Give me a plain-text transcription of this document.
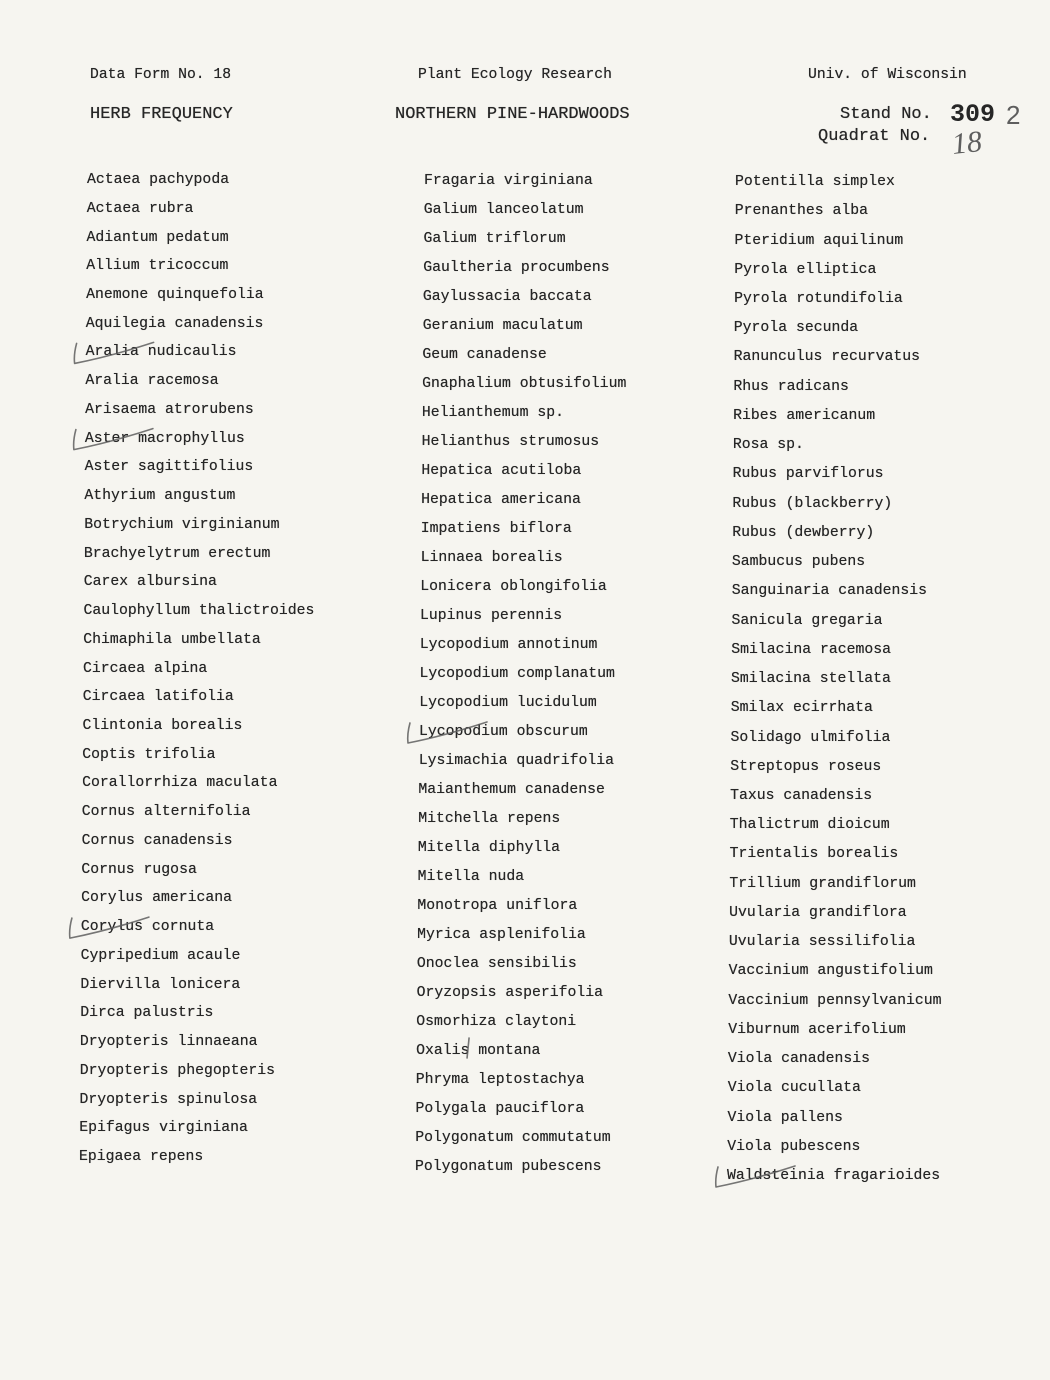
Data Form No. 18	Plant Ecology Research	Univ. of Wisconsin
HERB FREQUENCY	NORTHERN PINE-HARDWOODS	Stand No. 309 2
Quadrat No. 18
Actaea pachypoda
Actaea rubra
Adiantum pedatum
Allium tricoccum
Anemone quinquefolia
Aquilegia canadensis
Aralia nudicaulis
Aralia racemosa
Arisaema atrorubens
Aster macrophyllus
Aster sagittifolius
Athyrium angustum
Botrychium virginianum
Brachyelytrum erectum
Carex albursina
Caulophyllum thalictroides
Chimaphila umbellata
Circaea alpina
Circaea latifolia
Clintonia borealis
Coptis trifolia
Corallorrhiza maculata
Cornus alternifolia
Cornus canadensis
Cornus rugosa
Corylus americana
Corylus cornuta
Cypripedium acaule
Diervilla lonicera
Dirca palustris
Dryopteris linnaeana
Dryopteris phegopteris
Dryopteris spinulosa
Epifagus virginiana
Epigaea repens
Fragaria virginiana
Galium lanceolatum
Galium triflorum
Gaultheria procumbens
Gaylussacia baccata
Geranium maculatum
Geum canadense
Gnaphalium obtusifolium
Helianthemum sp.
Helianthus strumosus
Hepatica acutiloba
Hepatica americana
Impatiens biflora
Linnaea borealis
Lonicera oblongifolia
Lupinus perennis
Lycopodium annotinum
Lycopodium complanatum
Lycopodium lucidulum
Lycopodium obscurum
Lysimachia quadrifolia
Maianthemum canadense
Mitchella repens
Mitella diphylla
Mitella nuda
Monotropa uniflora
Myrica asplenifolia
Onoclea sensibilis
Oryzopsis asperifolia
Osmorhiza claytoni
Oxalis montana
Phryma leptostachya
Polygala pauciflora
Polygonatum commutatum
Polygonatum pubescens
Potentilla simplex
Prenanthes alba
Pteridium aquilinum
Pyrola elliptica
Pyrola rotundifolia
Pyrola secunda
Ranunculus recurvatus
Rhus radicans
Ribes americanum
Rosa sp.
Rubus parviflorus
Rubus (blackberry)
Rubus (dewberry)
Sambucus pubens
Sanguinaria canadensis
Sanicula gregaria
Smilacina racemosa
Smilacina stellata
Smilax ecirrhata
Solidago ulmifolia
Streptopus roseus
Taxus canadensis
Thalictrum dioicum
Trientalis borealis
Trillium grandiflorum
Uvularia grandiflora
Uvularia sessilifolia
Vaccinium angustifolium
Vaccinium pennsylvanicum
Viburnum acerifolium
Viola canadensis
Viola cucullata
Viola pallens
Viola pubescens
Waldsteinia fragarioides
